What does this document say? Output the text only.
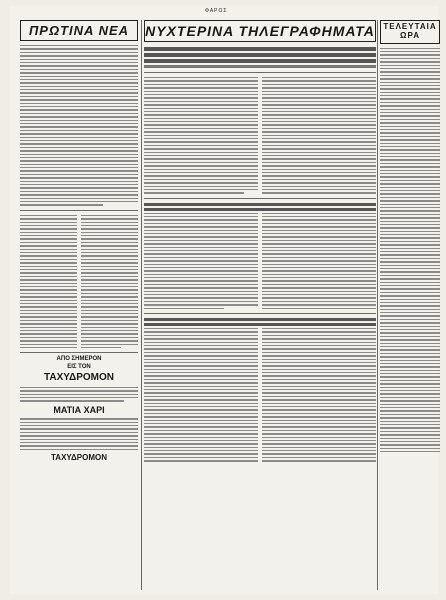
ΦΑΡΟΣ
ΠΡΩΤΙΝΑ ΝΕΑ
ΑΠΟ ΣΗΜΕΡΟΝ
ΕΙΣ ΤΟΝ
ΤΑΧΥΔΡΟΜΟΝ
ΜΑΤΙΑ ΧΑΡΙ
ΤΑΧΥΔΡΟΜΟΝ
ΝΥΧΤΕΡΙΝΑ ΤΗΛΕΓΡΑΦΗΜΑΤΑ	ΤΕΛΕΥΤΑΙΑ ΩΡΑ
